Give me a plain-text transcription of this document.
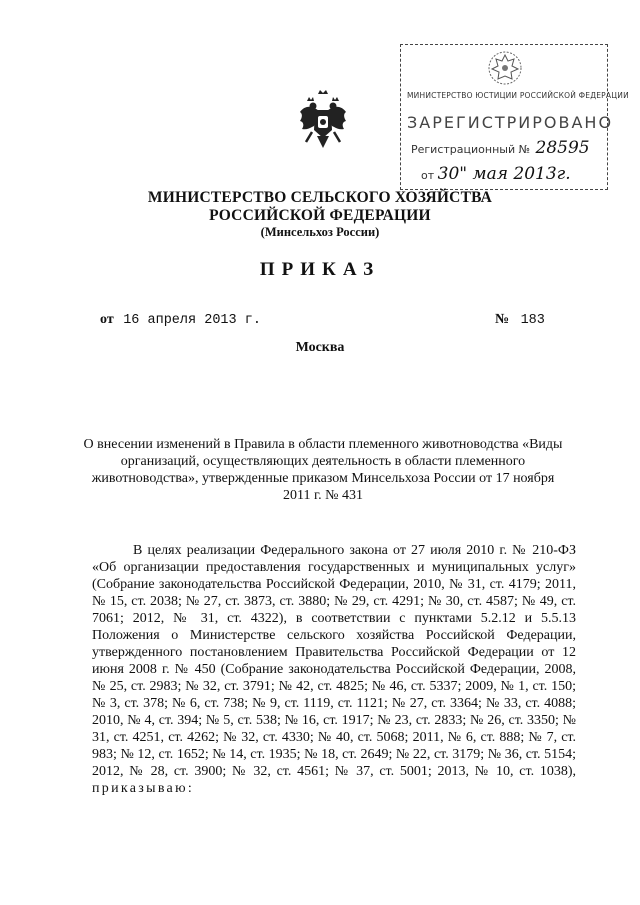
МИНИСТЕРСТВО ЮСТИЦИИ РОССИЙСКОЙ ФЕДЕРАЦИИ
ЗАРЕГИСТРИРОВАНО
Регистрационный № 28595
от 30" мая 2013г.
МИНИСТЕРСТВО СЕЛЬСКОГО ХОЗЯЙСТВА
РОССИЙСКОЙ ФЕДЕРАЦИИ
(Минсельхоз России)
ПРИКАЗ
от 16 апреля 2013 г.	№ 183
Москва
О внесении изменений в Правила в области племенного животноводства «Виды организаций, осуществляющих деятельность в области племенного животноводства», утвержденные приказом Минсельхоза России от 17 ноября 2011 г. № 431
В целях реализации Федерального закона от 27 июля 2010 г. № 210-ФЗ «Об организации предоставления государственных и муниципальных услуг» (Собрание законодательства Российской Федерации, 2010, № 31, ст. 4179; 2011, № 15, ст. 2038; № 27, ст. 3873, ст. 3880; № 29, ст. 4291; № 30, ст. 4587; № 49, ст. 7061; 2012, № 31, ст. 4322), в соответствии с пунктами 5.2.12 и 5.5.13 Положения о Министерстве сельского хозяйства Российской Федерации, утвержденного постановлением Правительства Российской Федерации от 12 июня 2008 г. № 450 (Собрание законодательства Российской Федерации, 2008, № 25, ст. 2983; № 32, ст. 3791; № 42, ст. 4825; № 46, ст. 5337; 2009, № 1, ст. 150; № 3, ст. 378; № 6, ст. 738; № 9, ст. 1119, ст. 1121; № 27, ст. 3364; № 33, ст. 4088; 2010, № 4, ст. 394; № 5, ст. 538; № 16, ст. 1917; № 23, ст. 2833; № 26, ст. 3350; № 31, ст. 4251, ст. 4262; № 32, ст. 4330; № 40, ст. 5068; 2011, № 6, ст. 888; № 7, ст. 983; № 12, ст. 1652; № 14, ст. 1935; № 18, ст. 2649; № 22, ст. 3179; № 36, ст. 5154; 2012, № 28, ст. 3900; № 32, ст. 4561; № 37, ст. 5001; 2013, № 10, ст. 1038), приказываю:
